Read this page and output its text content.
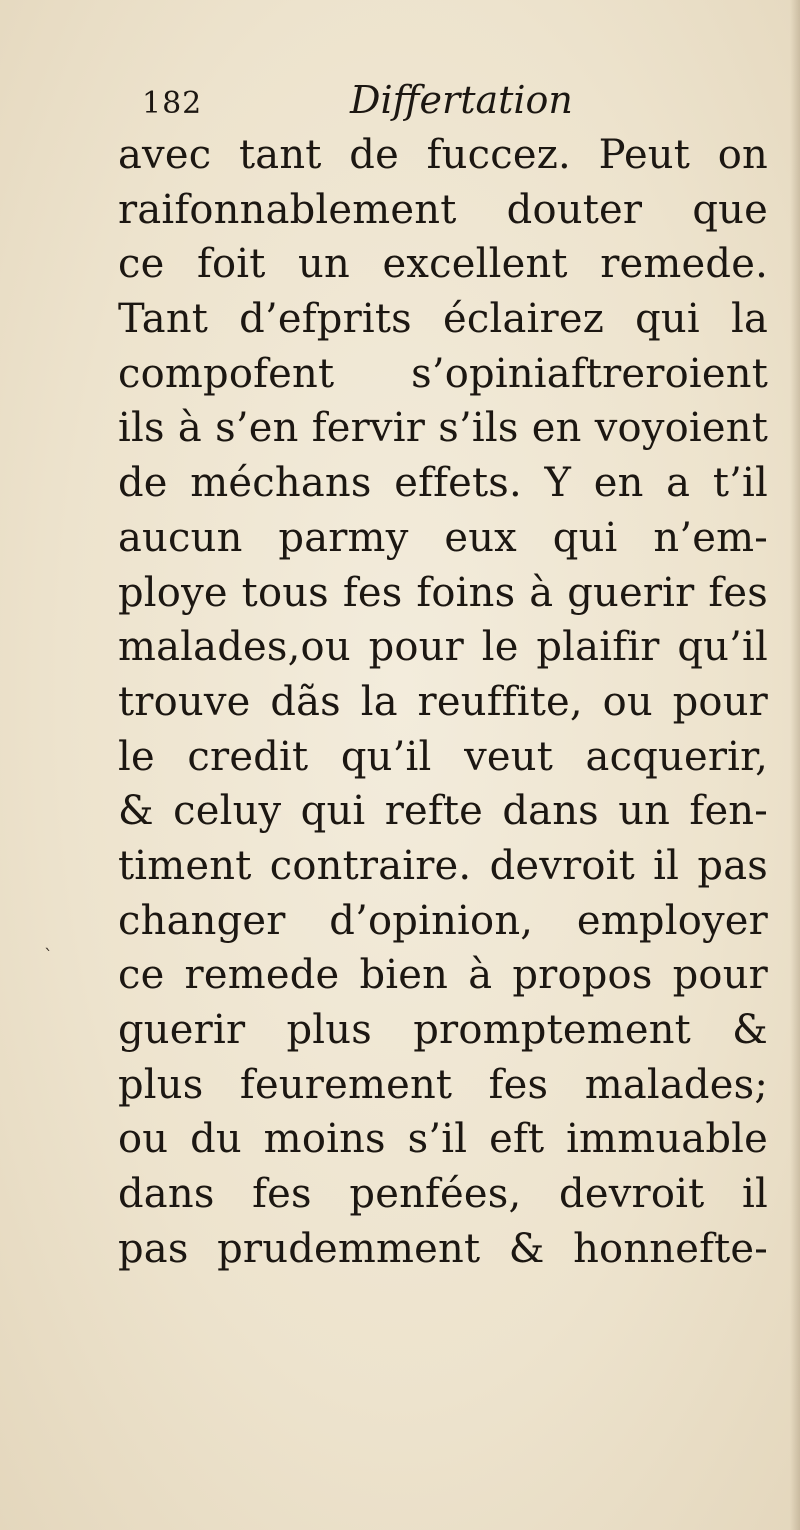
182	Differtation
avec tant de fuccez. Peut on
raifonnablement douter que
ce foit un excellent remede.
Tant d’efprits éclairez qui la
compofent s’opiniaftreroient
ils à s’en fervir s’ils en voyoient
de méchans effets. Y en a t’il
aucun parmy eux qui n’em-
ploye tous fes foins à guerir fes
malades,ou pour le plaifir qu’il
trouve dãs la reuffite, ou pour
le credit qu’il veut acquerir,
& celuy qui refte dans un fen-
timent contraire. devroit il pas
changer d’opinion, employer
ce remede bien à propos pour
guerir plus promptement &
plus feurement fes malades;
ou du moins s’il eft immuable
dans fes penfées, devroit il
pas prudemment & honnefte-
`
